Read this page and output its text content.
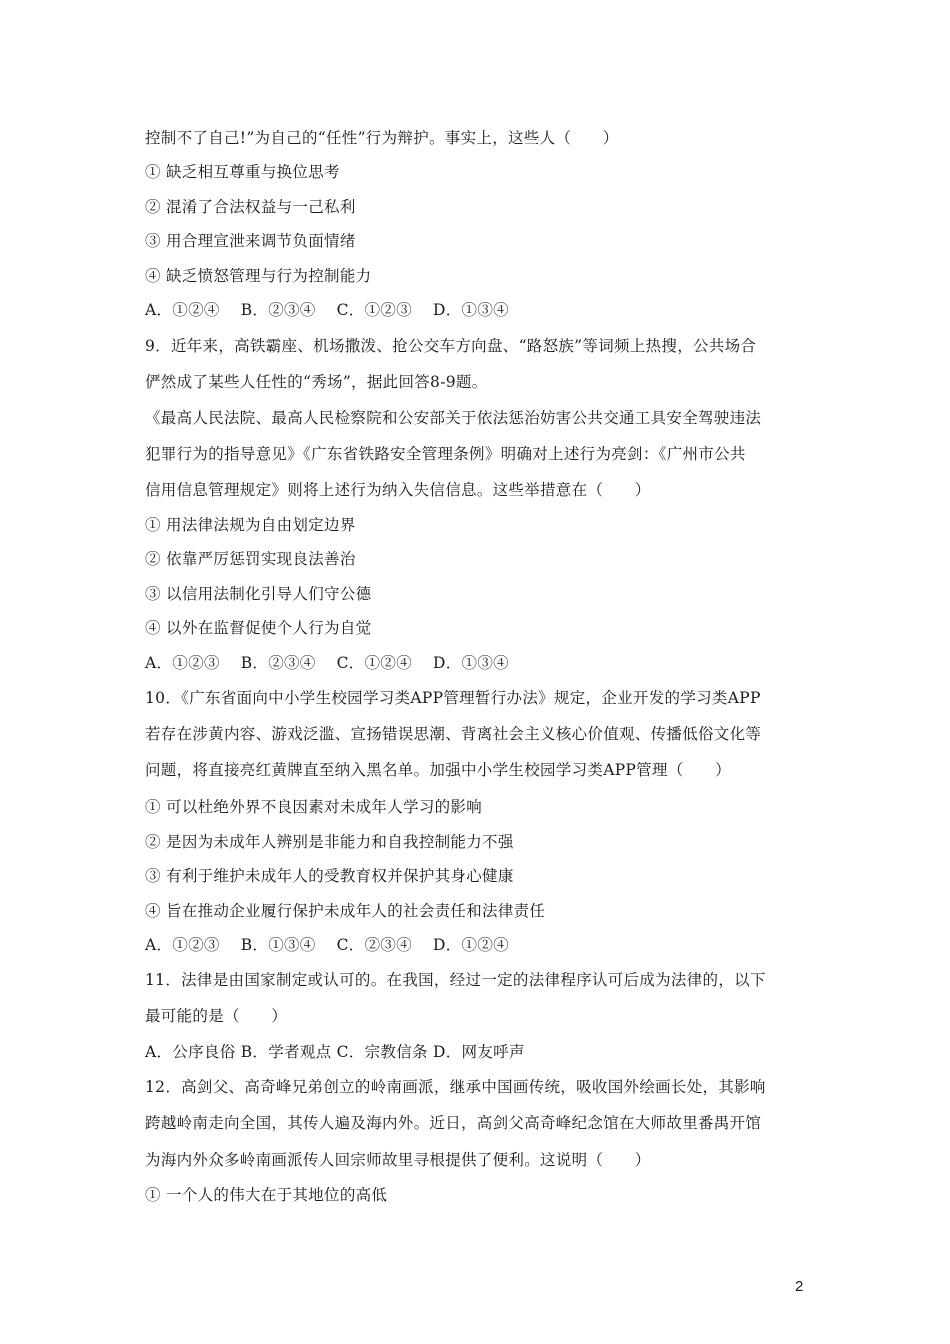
控制不了自己!”为自己的“任性”行为辩护。事实上，这些人（　　）
① 缺乏相互尊重与换位思考
② 混淆了合法权益与一己私利
③ 用合理宣泄来调节负面情绪
④ 缺乏愤怒管理与行为控制能力
A．①②④　 B．②③④　 C．①②③　 D．①③④
9．近年来，高铁霸座、机场撒泼、抢公交车方向盘、“路怒族”等词频上热搜，公共场合
俨然成了某些人任性的“秀场”，据此回答8-9题。
《最高人民法院、最高人民检察院和公安部关于依法惩治妨害公共交通工具安全驾驶违法
犯罪行为的指导意见》《广东省铁路安全管理条例》明确对上述行为亮剑：《广州市公共
信用信息管理规定》则将上述行为纳入失信信息。这些举措意在（　　）
① 用法律法规为自由划定边界
② 依靠严厉惩罚实现良法善治
③ 以信用法制化引导人们守公德
④ 以外在监督促使个人行为自觉
A．①②③　 B．②③④　 C．①②④　 D．①③④
10．《广东省面向中小学生校园学习类APP管理暂行办法》规定，企业开发的学习类APP
若存在涉黄内容、游戏泛滥、宣扬错误思潮、背离社会主义核心价值观、传播低俗文化等
问题，将直接亮红黄牌直至纳入黑名单。加强中小学生校园学习类APP管理（　　）
① 可以杜绝外界不良因素对未成年人学习的影响
② 是因为未成年人辨别是非能力和自我控制能力不强
③ 有利于维护未成年人的受教育权并保护其身心健康
④ 旨在推动企业履行保护未成年人的社会责任和法律责任
A．①②③　 B．①③④　 C．②③④　 D．①②④
11．法律是由国家制定或认可的。在我国，经过一定的法律程序认可后成为法律的，以下
最可能的是（　　）
A．公序良俗 B．学者观点 C．宗教信条 D．网友呼声
12．高剑父、高奇峰兄弟创立的岭南画派，继承中国画传统，吸收国外绘画长处，其影响
跨越岭南走向全国，其传人遍及海内外。近日，高剑父高奇峰纪念馆在大师故里番禺开馆
为海内外众多岭南画派传人回宗师故里寻根提供了便利。这说明（　　）
① 一个人的伟大在于其地位的高低
2
